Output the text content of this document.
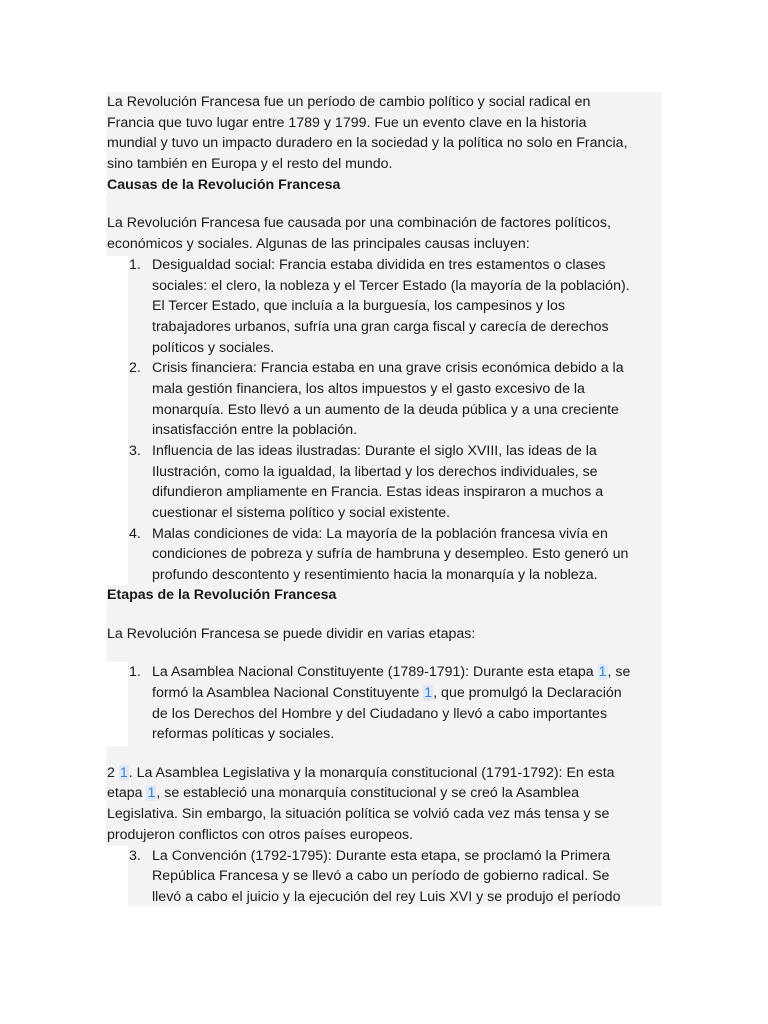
La Revolución Francesa fue un período de cambio político y social radical en
Francia que tuvo lugar entre 1789 y 1799. Fue un evento clave en la historia
mundial y tuvo un impacto duradero en la sociedad y la política no solo en Francia,
sino también en Europa y el resto del mundo.
Causas de la Revolución Francesa
La Revolución Francesa fue causada por una combinación de factores políticos,
económicos y sociales. Algunas de las principales causas incluyen:
1. Desigualdad social: Francia estaba dividida en tres estamentos o clases
sociales: el clero, la nobleza y el Tercer Estado (la mayoría de la población).
El Tercer Estado, que incluía a la burguesía, los campesinos y los
trabajadores urbanos, sufría una gran carga fiscal y carecía de derechos
políticos y sociales.
2. Crisis financiera: Francia estaba en una grave crisis económica debido a la
mala gestión financiera, los altos impuestos y el gasto excesivo de la
monarquía. Esto llevó a un aumento de la deuda pública y a una creciente
insatisfacción entre la población.
3. Influencia de las ideas ilustradas: Durante el siglo XVIII, las ideas de la
Ilustración, como la igualdad, la libertad y los derechos individuales, se
difundieron ampliamente en Francia. Estas ideas inspiraron a muchos a
cuestionar el sistema político y social existente.
4. Malas condiciones de vida: La mayoría de la población francesa vivía en
condiciones de pobreza y sufría de hambruna y desempleo. Esto generó un
profundo descontento y resentimiento hacia la monarquía y la nobleza.
Etapas de la Revolución Francesa
La Revolución Francesa se puede dividir en varias etapas:
1. La Asamblea Nacional Constituyente (1789-1791): Durante esta etapa 1, se
formó la Asamblea Nacional Constituyente 1, que promulgó la Declaración
de los Derechos del Hombre y del Ciudadano y llevó a cabo importantes
reformas políticas y sociales.
2 1. La Asamblea Legislativa y la monarquía constitucional (1791-1792): En esta
etapa 1, se estableció una monarquía constitucional y se creó la Asamblea
Legislativa. Sin embargo, la situación política se volvió cada vez más tensa y se
produjeron conflictos con otros países europeos.
3. La Convención (1792-1795): Durante esta etapa, se proclamó la Primera
República Francesa y se llevó a cabo un período de gobierno radical. Se
llevó a cabo el juicio y la ejecución del rey Luis XVI y se produjo el período
